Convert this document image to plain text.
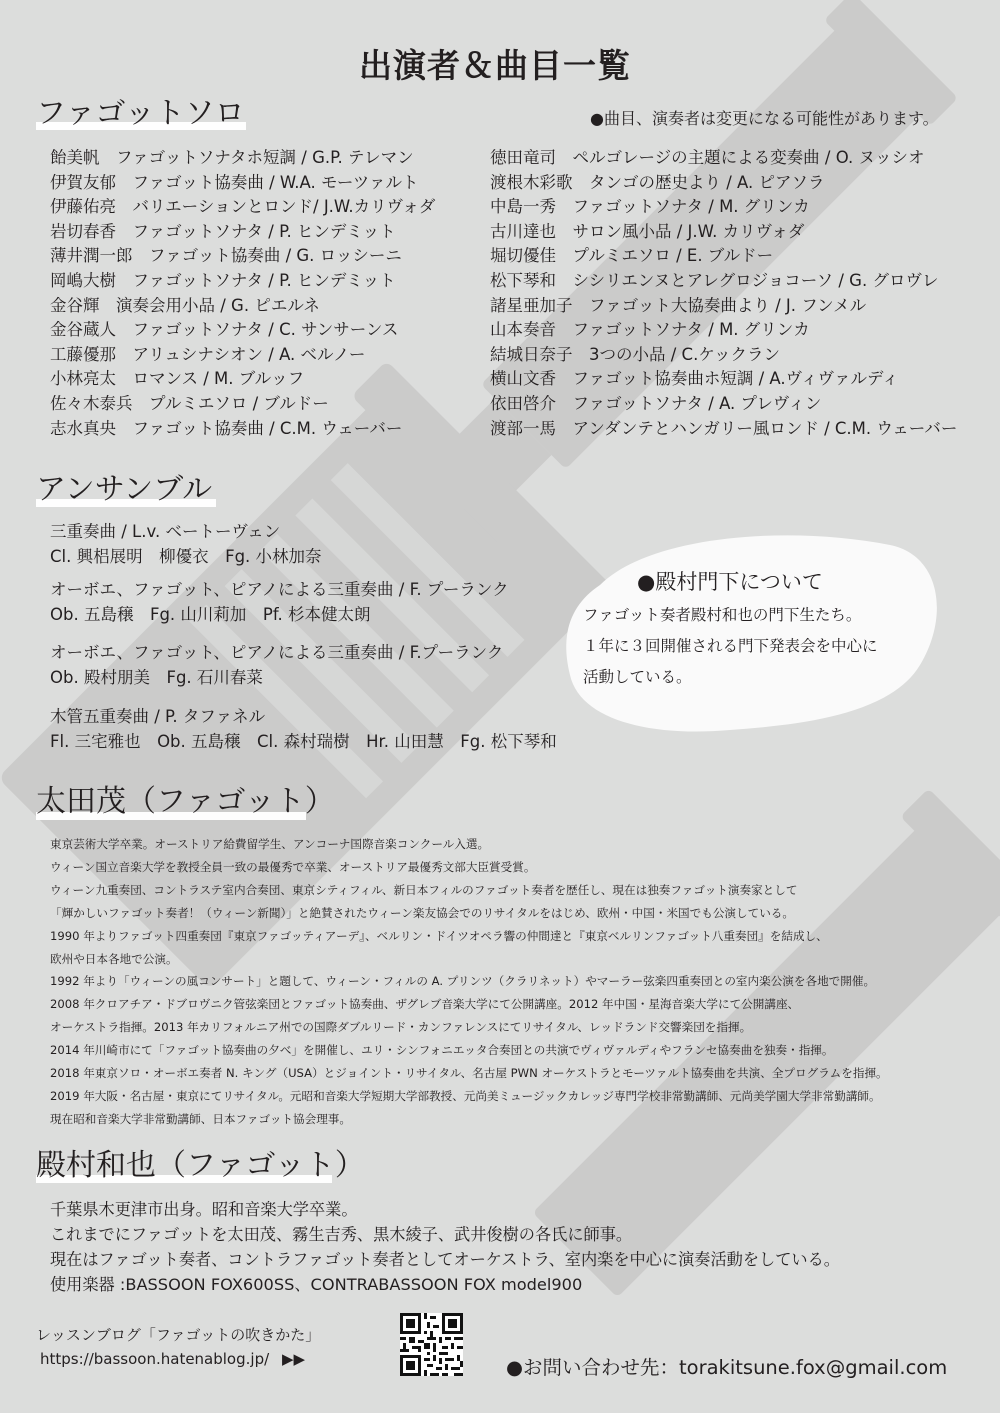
出演者＆曲目一覧
ファゴットソロ	●曲目、演奏者は変更になる可能性があります。
飴美帆　ファゴットソナタホ短調 / G.P. テレマン
伊賀友郁　ファゴット協奏曲 / W.A. モーツァルト
伊藤佑亮　バリエーションとロンド/ J.W.カリヴォダ
岩切春香　ファゴットソナタ / P. ヒンデミット
薄井潤一郎　ファゴット協奏曲 / G. ロッシーニ
岡嶋大樹　ファゴットソナタ / P. ヒンデミット
金谷輝　演奏会用小品 / G. ピエルネ
金谷蔵人　ファゴットソナタ / C. サンサーンス
工藤優那　アリュシナシオン / A. ベルノー
小林亮太　ロマンス / M. ブルッフ
佐々木泰兵　プルミエソロ / ブルドー
志水真央　ファゴット協奏曲 / C.M. ウェーバー
徳田竜司　ペルゴレージの主題による変奏曲 / O. ヌッシオ
渡根木彩歌　タンゴの歴史より / A. ピアソラ
中島一秀　ファゴットソナタ / M. グリンカ
古川達也　サロン風小品 / J.W. カリヴォダ
堀切優佳　プルミエソロ / E. ブルドー
松下琴和　シシリエンヌとアレグロジョコーソ / G. グロヴレ
諸星亜加子　ファゴット大協奏曲より / J. フンメル
山本奏音　ファゴットソナタ / M. グリンカ
結城日奈子　3つの小品 / C.ケックラン
横山文香　ファゴット協奏曲ホ短調 / A.ヴィヴァルディ
依田啓介　ファゴットソナタ / A. プレヴィン
渡部一馬　アンダンテとハンガリー風ロンド / C.M. ウェーバー
アンサンブル
三重奏曲 / L.v. ベートーヴェン
Cl. 興梠展明　柳優衣　Fg. 小林加奈
オーボエ、ファゴット、ピアノによる三重奏曲 / F. プーランク
Ob. 五島穣　Fg. 山川莉加　Pf. 杉本健太朗
オーボエ、ファゴット、ピアノによる三重奏曲 / F.プーランク
Ob. 殿村朋美　Fg. 石川春菜
木管五重奏曲 / P. タファネル
Fl. 三宅雅也　Ob. 五島穣　Cl. 森村瑞樹　Hr. 山田慧　Fg. 松下琴和
●殿村門下について
ファゴット奏者殿村和也の門下生たち。
１年に３回開催される門下発表会を中心に
活動している。
太田茂（ファゴット）
東京芸術大学卒業。オーストリア給費留学生、アンコーナ国際音楽コンクール入選。
ウィーン国立音楽大学を教授全員一致の最優秀で卒業、オーストリア最優秀文部大臣賞受賞。
ウィーン九重奏団、コントラステ室内合奏団、東京シティフィル、新日本フィルのファゴット奏者を歴任し、現在は独奏ファゴット演奏家として
「輝かしいファゴット奏者！（ウィーン新聞）」と絶賛されたウィーン楽友協会でのリサイタルをはじめ、欧州・中国・米国でも公演している。
1990 年よりファゴット四重奏団『東京ファゴッティアーデ』、ベルリン・ドイツオペラ響の仲間達と『東京ベルリンファゴット八重奏団』を結成し、
欧州や日本各地で公演。
1992 年より「ウィーンの風コンサート」と題して、ウィーン・フィルの A. プリンツ（クラリネット）やマーラー弦楽四重奏団との室内楽公演を各地で開催。
2008 年クロアチア・ドブロヴニク管弦楽団とファゴット協奏曲、ザグレブ音楽大学にて公開講座。2012 年中国・星海音楽大学にて公開講座、
オーケストラ指揮。2013 年カリフォルニア州での国際ダブルリード・カンファレンスにてリサイタル、レッドランド交響楽団を指揮。
2014 年川崎市にて「ファゴット協奏曲の夕べ」を開催し、ユリ・シンフォニエッタ合奏団との共演でヴィヴァルディやフランセ協奏曲を独奏・指揮。
2018 年東京ソロ・オーボエ奏者 N. キング（USA）とジョイント・リサイタル、名古屋 PWN オーケストラとモーツァルト協奏曲を共演、全プログラムを指揮。
2019 年大阪・名古屋・東京にてリサイタル。元昭和音楽大学短期大学部教授、元尚美ミュージックカレッジ専門学校非常勤講師、元尚美学園大学非常勤講師。
現在昭和音楽大学非常勤講師、日本ファゴット協会理事。
殿村和也（ファゴット）
千葉県木更津市出身。昭和音楽大学卒業。
これまでにファゴットを太田茂、霧生吉秀、黒木綾子、武井俊樹の各氏に師事。
現在はファゴット奏者、コントラファゴット奏者としてオーケストラ、室内楽を中心に演奏活動をしている。
使用楽器 :BASSOON FOX600SS、CONTRABASSOON FOX model900
レッスンブログ「ファゴットの吹きかた」
https://bassoon.hatenablog.jp/ ▶▶	●お問い合わせ先：torakitsune.fox@gmail.com
